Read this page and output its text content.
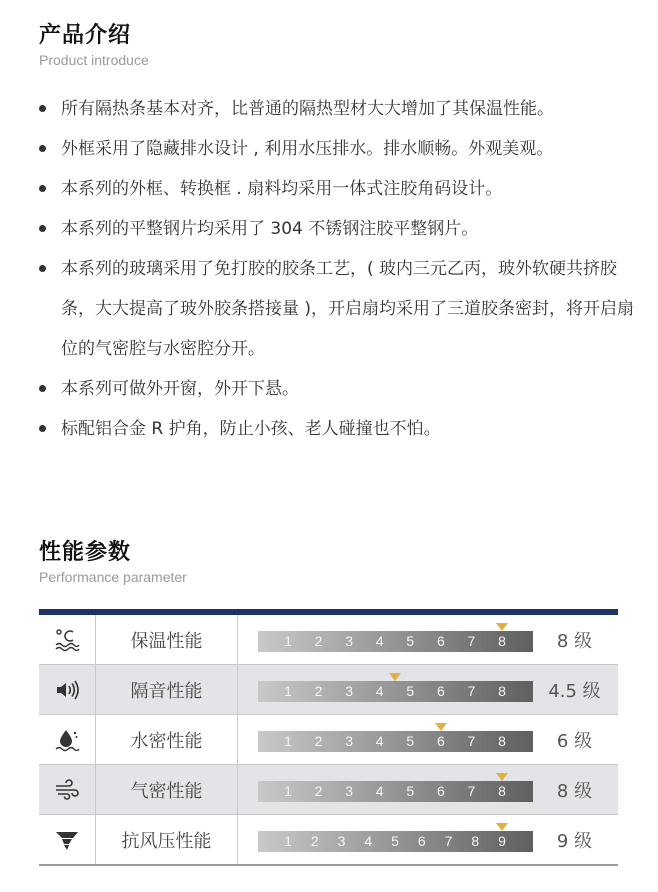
产品介绍
Product introduce
所有隔热条基本对齐，比普通的隔热型材大大增加了其保温性能。
外框采用了隐藏排水设计 , 利用水压排水。排水顺畅。外观美观。
本系列的外框、转换框 . 扇料均采用一体式注胶角码设计。
本系列的平整钢片均采用了 304 不锈钢注胶平整钢片。
本系列的玻璃采用了免打胶的胶条工艺，( 玻内三元乙丙，玻外软硬共挤胶条，大大提高了玻外胶条搭接量 )，开启扇均采用了三道胶条密封，将开启扇位的气密腔与水密腔分开。
本系列可做外开窗，外开下悬。
标配铝合金 R 护角，防止小孩、老人碰撞也不怕。
性能参数
Performance parameter
保温性能	1 2 3 4 5 6 7 8	8 级
隔音性能	1 2 3 4 5 6 7 8	4.5 级
水密性能	1 2 3 4 5 6 7 8	6 级
气密性能	1 2 3 4 5 6 7 8	8 级
抗风压性能	1 2 3 4 5 6 7 8 9	9 级
